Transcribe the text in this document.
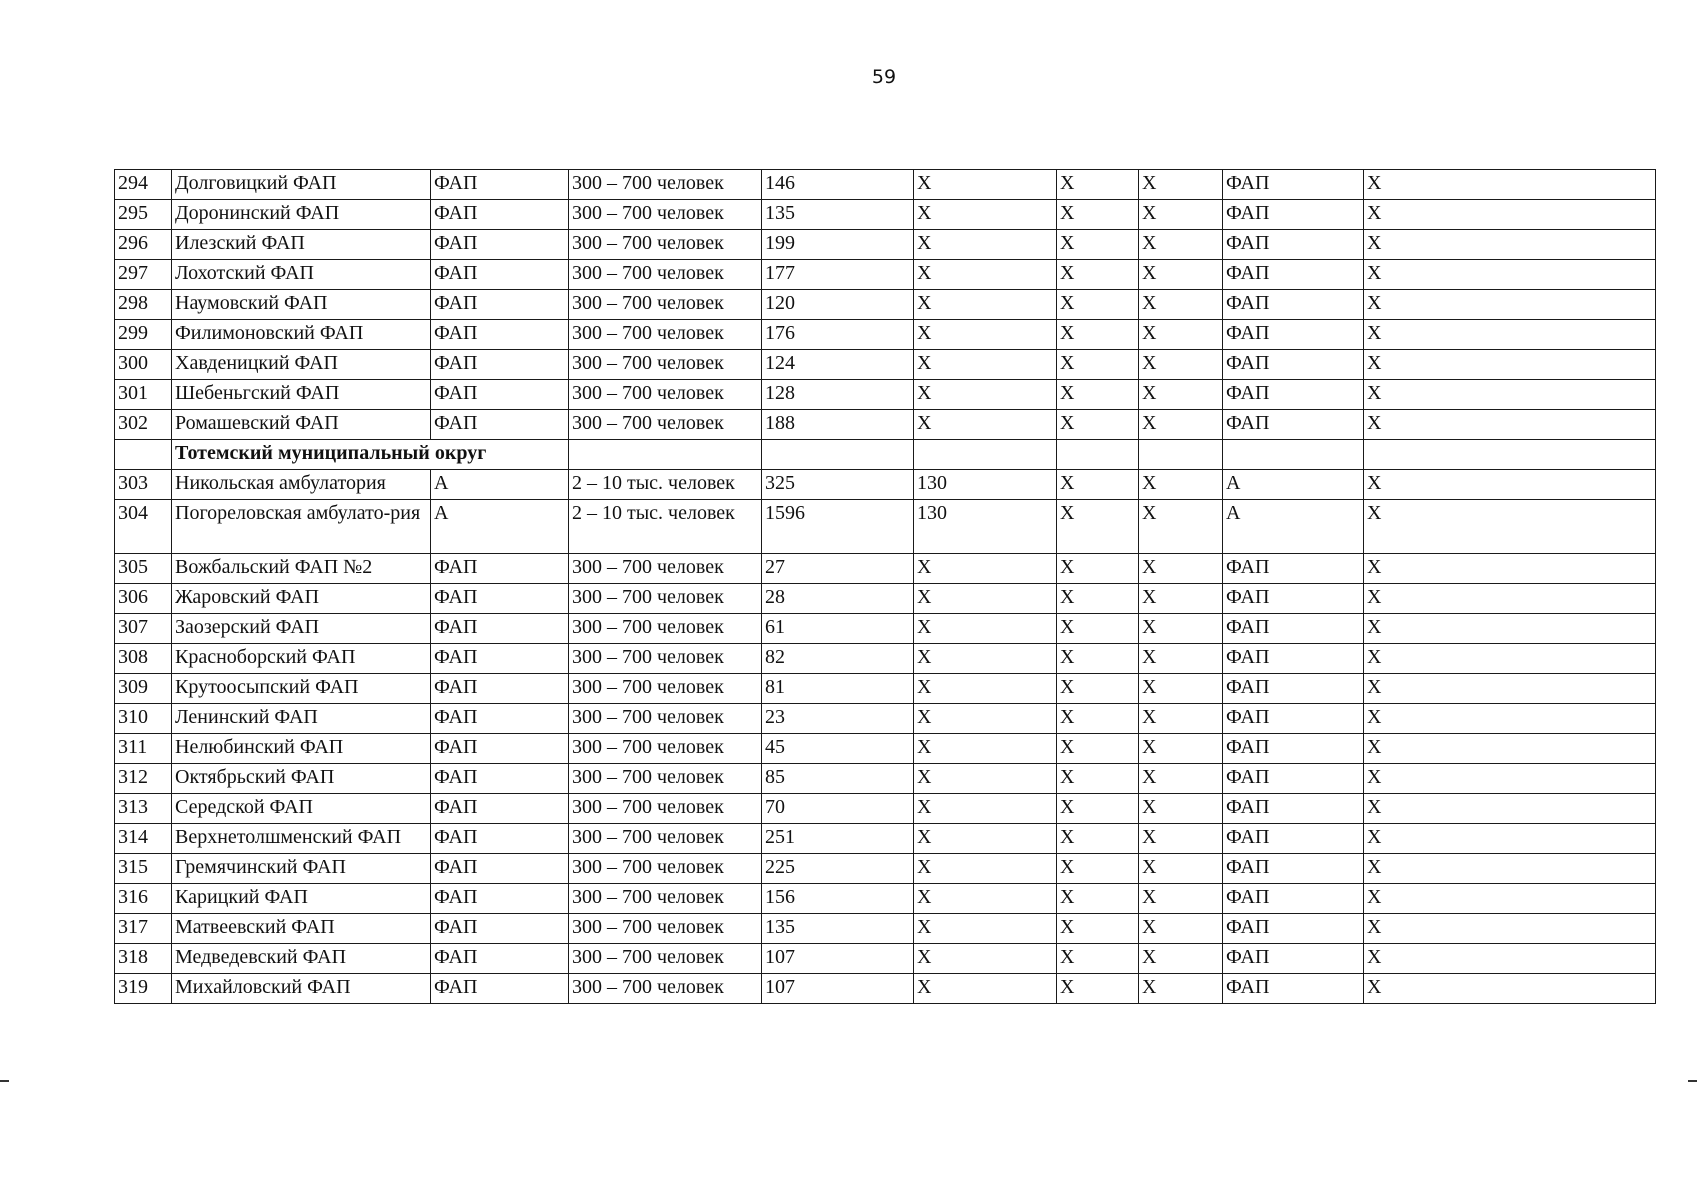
59
294	Долговицкий ФАП	ФАП	300 – 700 человек	146	X	X	X	ФАП	X
295	Доронинский ФАП	ФАП	300 – 700 человек	135	X	X	X	ФАП	X
296	Илезский ФАП	ФАП	300 – 700 человек	199	X	X	X	ФАП	X
297	Лохотский ФАП	ФАП	300 – 700 человек	177	X	X	X	ФАП	X
298	Наумовский ФАП	ФАП	300 – 700 человек	120	X	X	X	ФАП	X
299	Филимоновский ФАП	ФАП	300 – 700 человек	176	X	X	X	ФАП	X
300	Хавденицкий ФАП	ФАП	300 – 700 человек	124	X	X	X	ФАП	X
301	Шебеньгский ФАП	ФАП	300 – 700 человек	128	X	X	X	ФАП	X
302	Ромашевский ФАП	ФАП	300 – 700 человек	188	X	X	X	ФАП	X
	Тотемский муниципальный округ								
303	Никольская амбулатория	А	2 – 10 тыс. человек	325	130	X	X	А	X
304	Погореловская амбулато-рия	А	2 – 10 тыс. человек	1596	130	X	X	А	X
305	Вожбальский ФАП №2	ФАП	300 – 700 человек	27	X	X	X	ФАП	X
306	Жаровский ФАП	ФАП	300 – 700 человек	28	X	X	X	ФАП	X
307	Заозерский ФАП	ФАП	300 – 700 человек	61	X	X	X	ФАП	X
308	Красноборский ФАП	ФАП	300 – 700 человек	82	X	X	X	ФАП	X
309	Крутоосыпский ФАП	ФАП	300 – 700 человек	81	X	X	X	ФАП	X
310	Ленинский ФАП	ФАП	300 – 700 человек	23	X	X	X	ФАП	X
311	Нелюбинский ФАП	ФАП	300 – 700 человек	45	X	X	X	ФАП	X
312	Октябрьский ФАП	ФАП	300 – 700 человек	85	X	X	X	ФАП	X
313	Середской ФАП	ФАП	300 – 700 человек	70	X	X	X	ФАП	X
314	Верхнетолшменский ФАП	ФАП	300 – 700 человек	251	X	X	X	ФАП	X
315	Гремячинский ФАП	ФАП	300 – 700 человек	225	X	X	X	ФАП	X
316	Карицкий ФАП	ФАП	300 – 700 человек	156	X	X	X	ФАП	X
317	Матвеевский ФАП	ФАП	300 – 700 человек	135	X	X	X	ФАП	X
318	Медведевский ФАП	ФАП	300 – 700 человек	107	X	X	X	ФАП	X
319	Михайловский ФАП	ФАП	300 – 700 человек	107	X	X	X	ФАП	X
